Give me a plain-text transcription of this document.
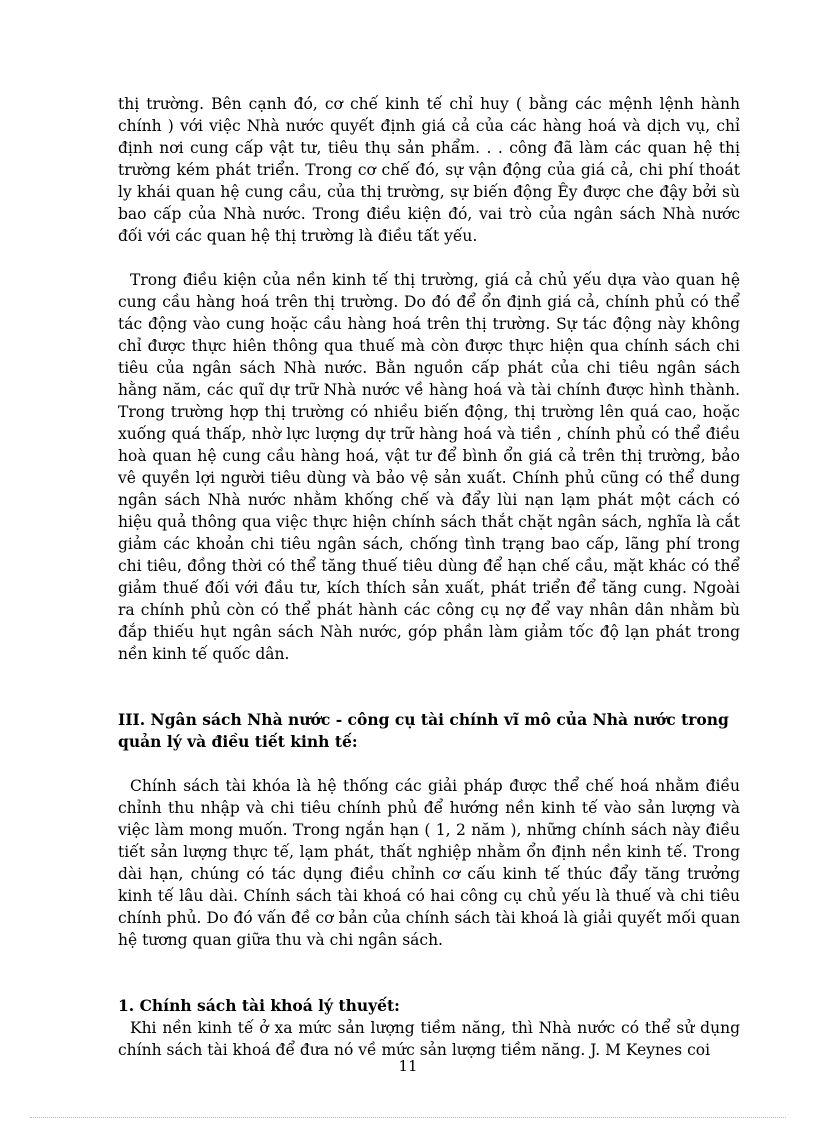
thị trường. Bên cạnh đó, cơ chế kinh tế chỉ huy ( bằng các mệnh lệnh hành chính ) với việc Nhà nước quyết định giá cả của các hàng hoá và dịch vụ, chỉ định nơi cung cấp vật tư, tiêu thụ sản phẩm. . . công đã làm các quan hệ thị trường kém phát triển. Trong cơ chế đó, sự vận động của giá cả, chi phí thoát ly khái quan hệ cung cầu, của thị trường, sự biến động Êy được che đậy bởi sù bao cấp của Nhà nước. Trong điều kiện đó, vai trò của ngân sách Nhà nước đối với các quan hệ thị trường là điều tất yếu.

Trong điều kiện của nền kinh tế thị trường, giá cả chủ yếu dựa vào quan hệ cung cầu hàng hoá trên thị trường. Do đó để ổn định giá cả, chính phủ có thể tác động vào cung hoặc cầu hàng hoá trên thị trường. Sự tác động này không chỉ được thực hiên thông qua thuế mà còn được thực hiện qua chính sách chi tiêu của ngân sách Nhà nước. Bằn nguồn cấp phát của chi tiêu ngân sách hằng năm, các quĩ dự trữ Nhà nước về hàng hoá và tài chính được hình thành. Trong trường hợp thị trường có nhiều biến động, thị trường lên quá cao, hoặc xuống quá thấp, nhờ lực lượng dự trữ hàng hoá và tiền , chính phủ có thể điều hoà quan hệ cung cầu hàng hoá, vật tư để bình ổn giá cả trên thị trường, bảo vê quyền lợi người tiêu dùng và bảo vệ sản xuất. Chính phủ cũng có thể dung ngân sách Nhà nước nhằm khống chế và đẩy lùi nạn lạm phát một cách có hiệu quả thông qua việc thực hiện chính sách thắt chặt ngân sách, nghĩa là cắt giảm các khoản chi tiêu ngân sách, chống tình trạng bao cấp, lãng phí trong chi tiêu, đồng thời có thể tăng thuế tiêu dùng để hạn chế cầu, mặt khác có thể giảm thuế đối với đầu tư, kích thích sản xuất, phát triển để tăng cung. Ngoài ra chính phủ còn có thể phát hành các công cụ nợ để vay nhân dân nhằm bù đắp thiếu hụt ngân sách Nàh nước, góp phần làm giảm tốc độ lạn phát trong nền kinh tế quốc dân.

III. Ngân sách Nhà nước - công cụ tài chính vĩ mô của Nhà nước trong quản lý và điều tiết kinh tế:

Chính sách tài khóa là hệ thống các giải pháp được thể chế hoá nhằm điều chỉnh thu nhập và chi tiêu chính phủ để hướng nền kinh tế vào sản lượng và việc làm mong muốn. Trong ngắn hạn ( 1, 2 năm ), những chính sách này điều tiết sản lượng thực tế, lạm phát, thất nghiệp nhằm ổn định nền kinh tế. Trong dài hạn, chúng có tác dụng điều chỉnh cơ cấu kinh tế thúc đẩy tăng trưởng kinh tế lâu dài. Chính sách tài khoá có hai công cụ chủ yếu là thuế và chi tiêu chính phủ. Do đó vấn đề cơ bản của chính sách tài khoá là giải quyết mối quan hệ tương quan giữa thu và chi ngân sách.

1. Chính sách tài khoá lý thuyết:

Khi nền kinh tế ở xa mức sản lượng tiềm năng, thì Nhà nước có thể sử dụng chính sách tài khoá để đưa nó về mức sản lượng tiềm năng. J. M Keynes coi

11
